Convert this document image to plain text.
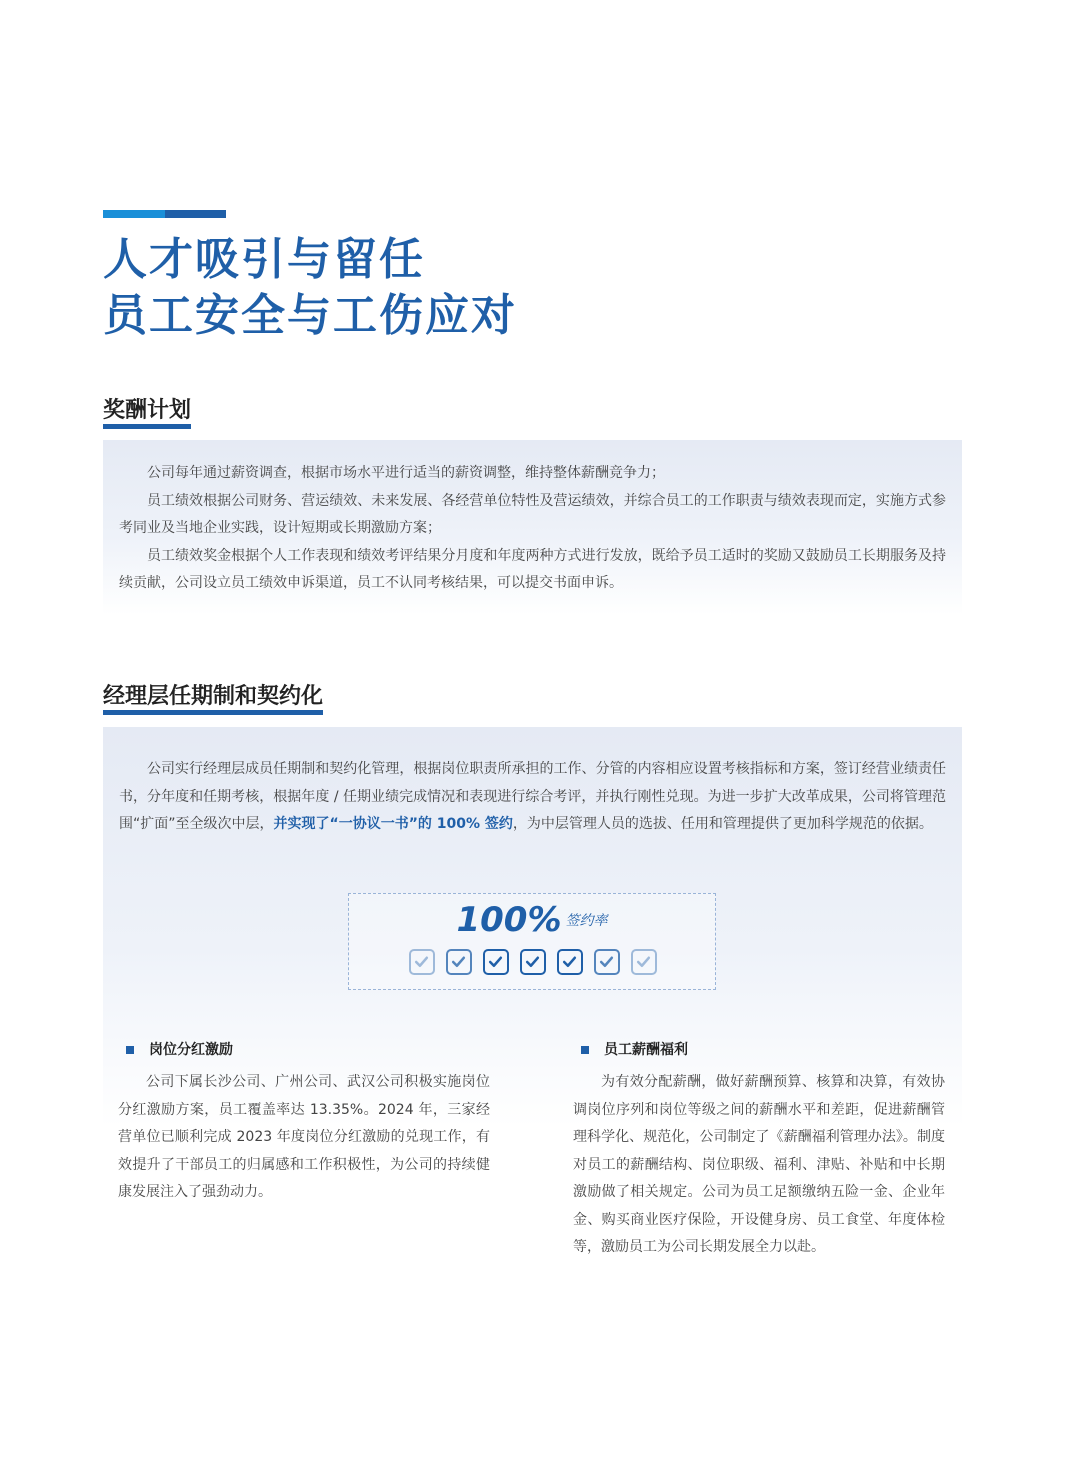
人才吸引与留任
员工安全与工伤应对
奖酬计划

公司每年通过薪资调查，根据市场水平进行适当的薪资调整，维持整体薪酬竞争力；

员工绩效根据公司财务、营运绩效、未来发展、各经营单位特性及营运绩效，并综合员工的工作职责与绩效表现而定，实施方式参考同业及当地企业实践，设计短期或长期激励方案；

员工绩效奖金根据个人工作表现和绩效考评结果分月度和年度两种方式进行发放，既给予员工适时的奖励又鼓励员工长期服务及持续贡献，公司设立员工绩效申诉渠道，员工不认同考核结果，可以提交书面申诉。

经理层任期制和契约化

公司实行经理层成员任期制和契约化管理，根据岗位职责所承担的工作、分管的内容相应设置考核指标和方案，签订经营业绩责任书，分年度和任期考核，根据年度 / 任期业绩完成情况和表现进行综合考评，并执行刚性兑现。为进一步扩大改革成果，公司将管理范围“扩面”至全级次中层，并实现了“一协议一书”的 100% 签约，为中层管理人员的选拔、任用和管理提供了更加科学规范的依据。

100% 签约率
岗位分红激励

公司下属长沙公司、广州公司、武汉公司积极实施岗位分红激励方案，员工覆盖率达 13.35%。2024 年，三家经营单位已顺利完成 2023 年度岗位分红激励的兑现工作，有效提升了干部员工的归属感和工作积极性，为公司的持续健康发展注入了强劲动力。

员工薪酬福利

为有效分配薪酬，做好薪酬预算、核算和决算，有效协调岗位序列和岗位等级之间的薪酬水平和差距，促进薪酬管理科学化、规范化，公司制定了《薪酬福利管理办法》。制度对员工的薪酬结构、岗位职级、福利、津贴、补贴和中长期激励做了相关规定。公司为员工足额缴纳五险一金、企业年金、购买商业医疗保险，开设健身房、员工食堂、年度体检等，激励员工为公司长期发展全力以赴。
